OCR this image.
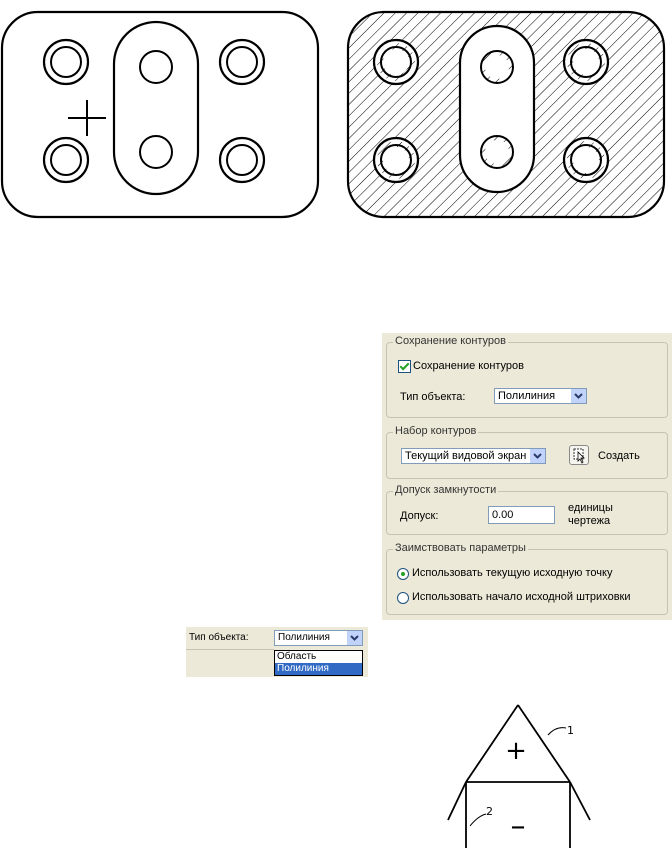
Сохранение контуров
Сохранение контуров
Тип объекта:	Полилиния
Набор контуров
Текущий видовой экран	Создать
Допуск замкнутости
Допуск:	0.00
единицы
чертежа
Заимствовать параметры
Использовать текущую исходную точку
Использовать начало исходной штриховки
Тип объекта:	Полилиния
Область
Полилиния
+
–
1
2
